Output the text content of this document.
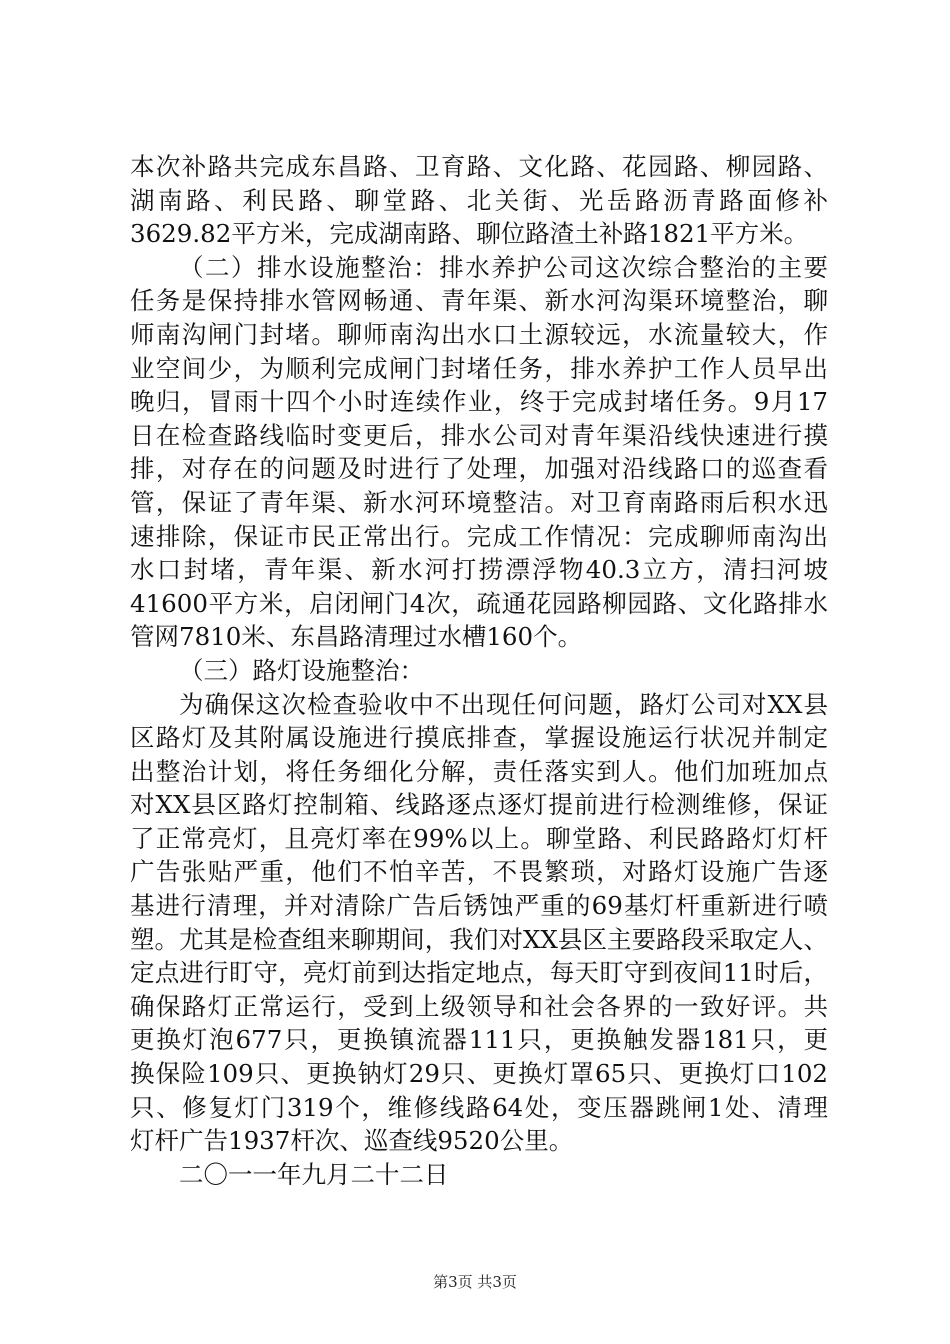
本次补路共完成东昌路、卫育路、文化路、花园路、柳园路、
湖南路、利民路、聊堂路、北关街、光岳路沥青路面修补
3629.82平方米，完成湖南路、聊位路渣土补路1821平方米。
（二）排水设施整治：排水养护公司这次综合整治的主要
任务是保持排水管网畅通、青年渠、新水河沟渠环境整治，聊
师南沟闸门封堵。聊师南沟出水口土源较远，水流量较大，作
业空间少，为顺利完成闸门封堵任务，排水养护工作人员早出
晚归，冒雨十四个小时连续作业，终于完成封堵任务。9月17
日在检查路线临时变更后，排水公司对青年渠沿线快速进行摸
排，对存在的问题及时进行了处理，加强对沿线路口的巡查看
管，保证了青年渠、新水河环境整洁。对卫育南路雨后积水迅
速排除，保证市民正常出行。完成工作情况：完成聊师南沟出
水口封堵，青年渠、新水河打捞漂浮物40.3立方，清扫河坡
41600平方米，启闭闸门4次，疏通花园路柳园路、文化路排水
管网7810米、东昌路清理过水槽160个。
（三）路灯设施整治：
为确保这次检查验收中不出现任何问题，路灯公司对XX县
区路灯及其附属设施进行摸底排查，掌握设施运行状况并制定
出整治计划，将任务细化分解，责任落实到人。他们加班加点
对XX县区路灯控制箱、线路逐点逐灯提前进行检测维修，保证
了正常亮灯，且亮灯率在99%以上。聊堂路、利民路路灯灯杆
广告张贴严重，他们不怕辛苦，不畏繁琐，对路灯设施广告逐
基进行清理，并对清除广告后锈蚀严重的69基灯杆重新进行喷
塑。尤其是检查组来聊期间，我们对XX县区主要路段采取定人、
定点进行盯守，亮灯前到达指定地点，每天盯守到夜间11时后，
确保路灯正常运行，受到上级领导和社会各界的一致好评。共
更换灯泡677只，更换镇流器111只，更换触发器181只，更
换保险109只、更换钠灯29只、更换灯罩65只、更换灯口102
只、修复灯门319个，维修线路64处，变压器跳闸1处、清理
灯杆广告1937杆次、巡查线9520公里。
二〇一一年九月二十二日
第3页 共3页
